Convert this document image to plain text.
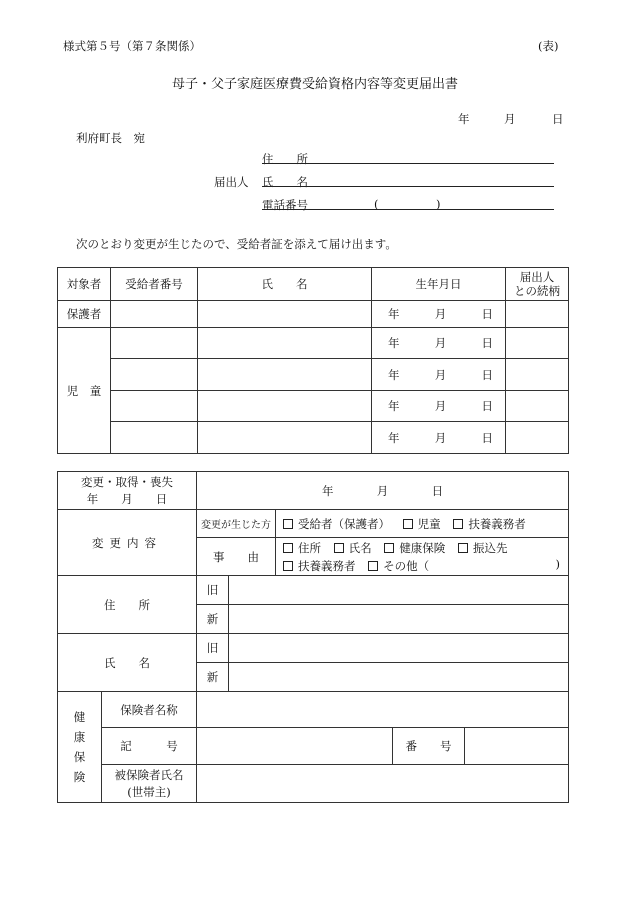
様式第５号（第７条関係）	(表)
母子・父子家庭医療費受給資格内容等変更届出書
年	月	日
利府町長　宛
住　　所
届出人 氏　　名
電話番号	(	)
次のとおり変更が生じたので、受給者証を添えて届け出ます。
対象者	受給者番号	氏　　名	生年月日	届出人
との続柄
保護者			年 月 日	

児　童			年 月 日	

			年 月 日	

			年 月 日	

			年 月 日	

変更・取得・喪失
年　　月　　日		年 月 日				
変更内容		変更が生じた方		受給者（保護者） 児童 扶養義務者		
		事　　由		住所 氏名 健康保険 振込先
扶養義務者 その他（ )		

住　　所		旧				
		新				
氏　　名		旧				
		新				

健
康
保
険	保険者名称					
	記　　　号				番　　号	
	被保険者氏名
(世帯主)					
